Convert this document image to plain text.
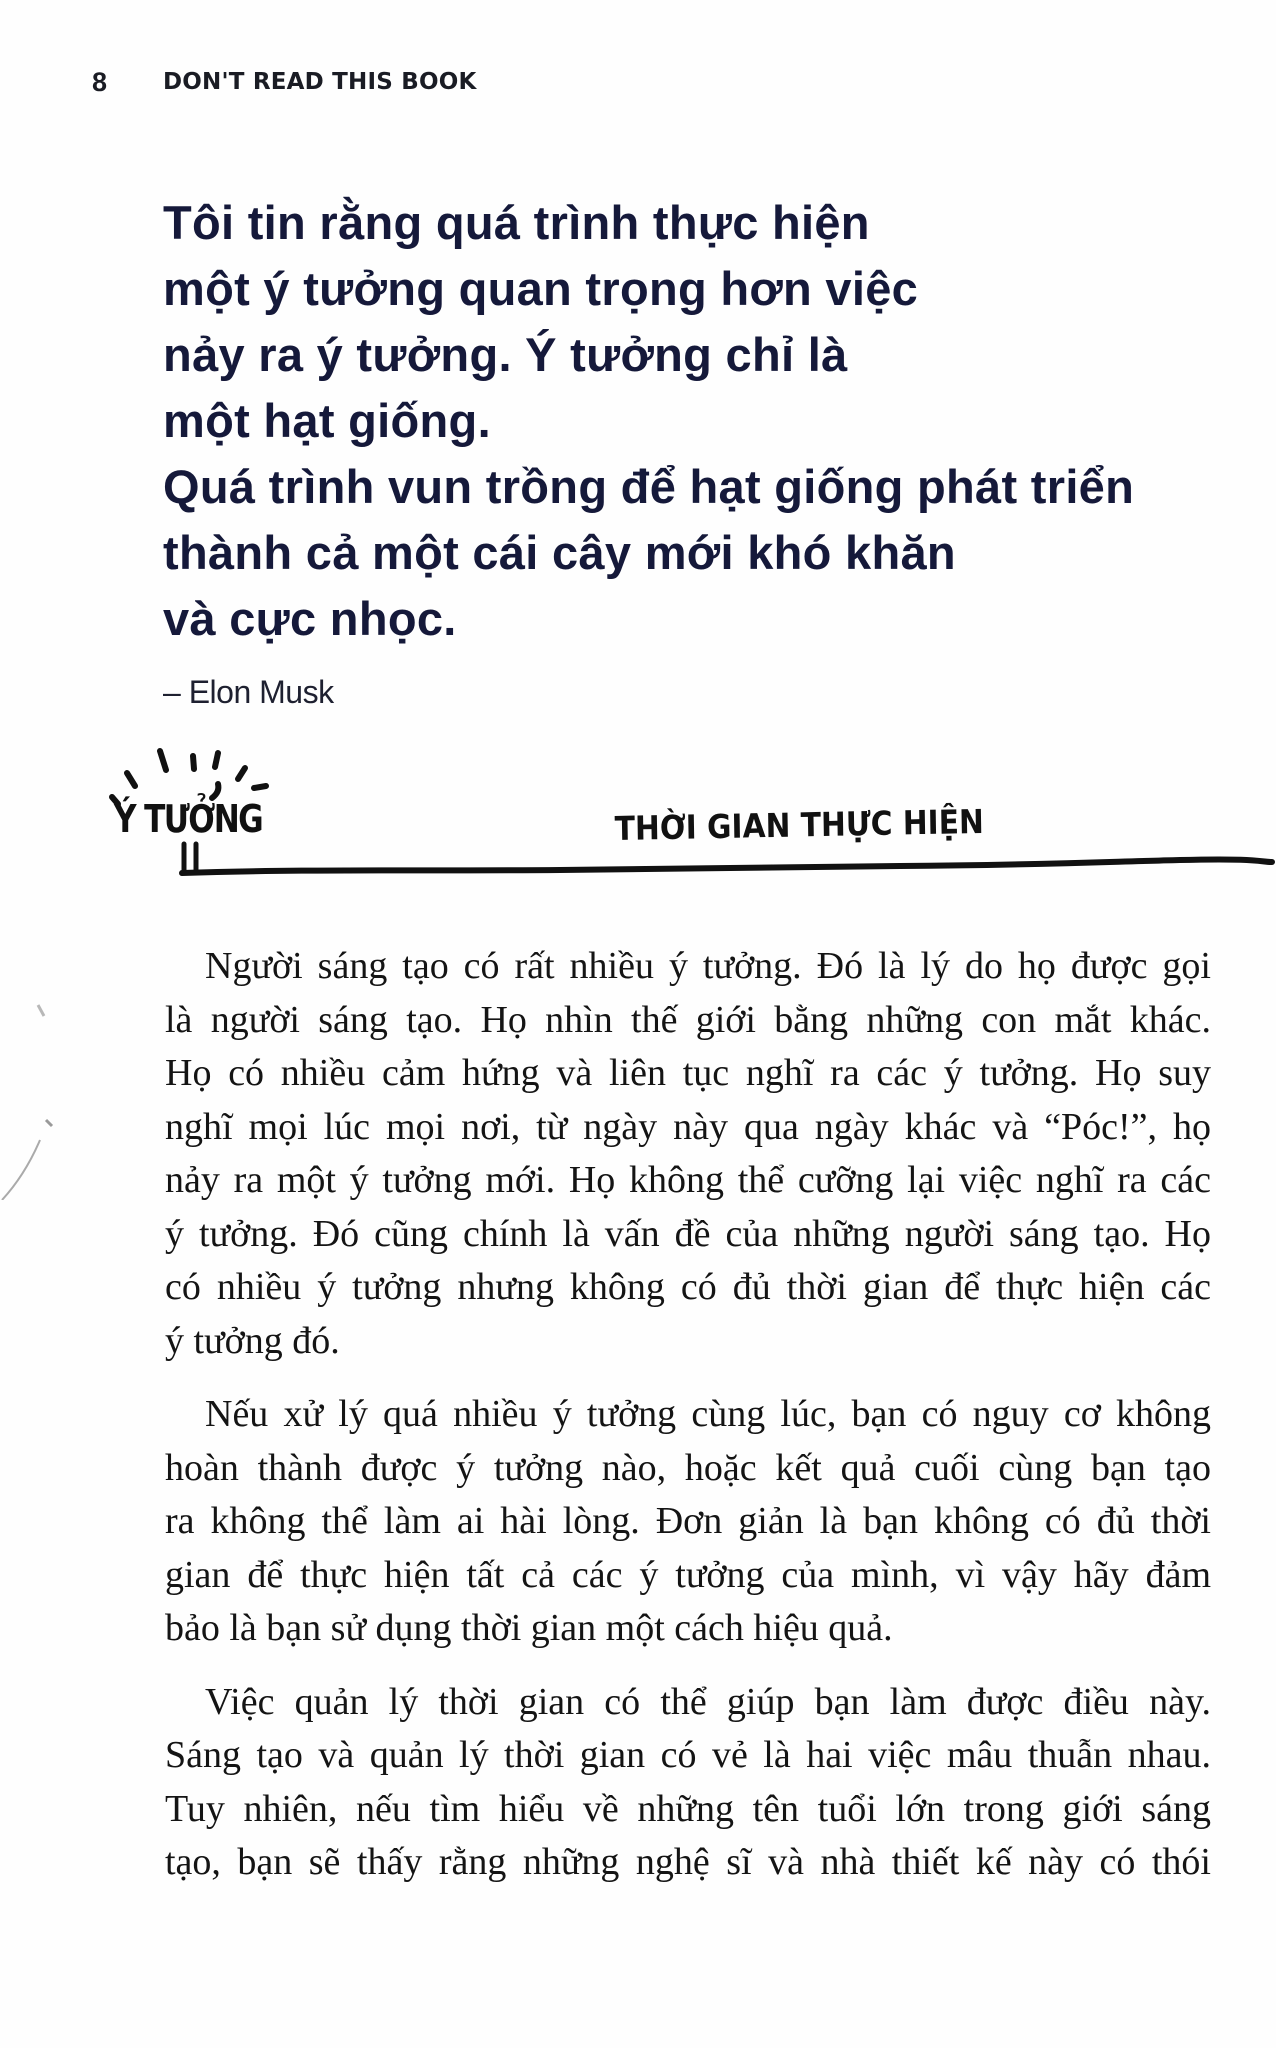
8 DON'T READ THIS BOOK
Tôi tin rằng quá trình thực hiện
một ý tưởng quan trọng hơn việc
nảy ra ý tưởng. Ý tưởng chỉ là
một hạt giống.
Quá trình vun trồng để hạt giống phát triển
thành cả một cái cây mới khó khăn
và cực nhọc.
– Elon Musk
Ý TƯỞNG	THỜI GIAN THỰC HIỆN

Người sáng tạo có rất nhiều ý tưởng. Đó là lý do họ được gọi
là người sáng tạo. Họ nhìn thế giới bằng những con mắt khác.
Họ có nhiều cảm hứng và liên tục nghĩ ra các ý tưởng. Họ suy
nghĩ mọi lúc mọi nơi, từ ngày này qua ngày khác và “Póc!”, họ
nảy ra một ý tưởng mới. Họ không thể cưỡng lại việc nghĩ ra các
ý tưởng. Đó cũng chính là vấn đề của những người sáng tạo. Họ
có nhiều ý tưởng nhưng không có đủ thời gian để thực hiện các
ý tưởng đó.

Nếu xử lý quá nhiều ý tưởng cùng lúc, bạn có nguy cơ không
hoàn thành được ý tưởng nào, hoặc kết quả cuối cùng bạn tạo
ra không thể làm ai hài lòng. Đơn giản là bạn không có đủ thời
gian để thực hiện tất cả các ý tưởng của mình, vì vậy hãy đảm
bảo là bạn sử dụng thời gian một cách hiệu quả.

Việc quản lý thời gian có thể giúp bạn làm được điều này.
Sáng tạo và quản lý thời gian có vẻ là hai việc mâu thuẫn nhau.
Tuy nhiên, nếu tìm hiểu về những tên tuổi lớn trong giới sáng
tạo, bạn sẽ thấy rằng những nghệ sĩ và nhà thiết kế này có thói
